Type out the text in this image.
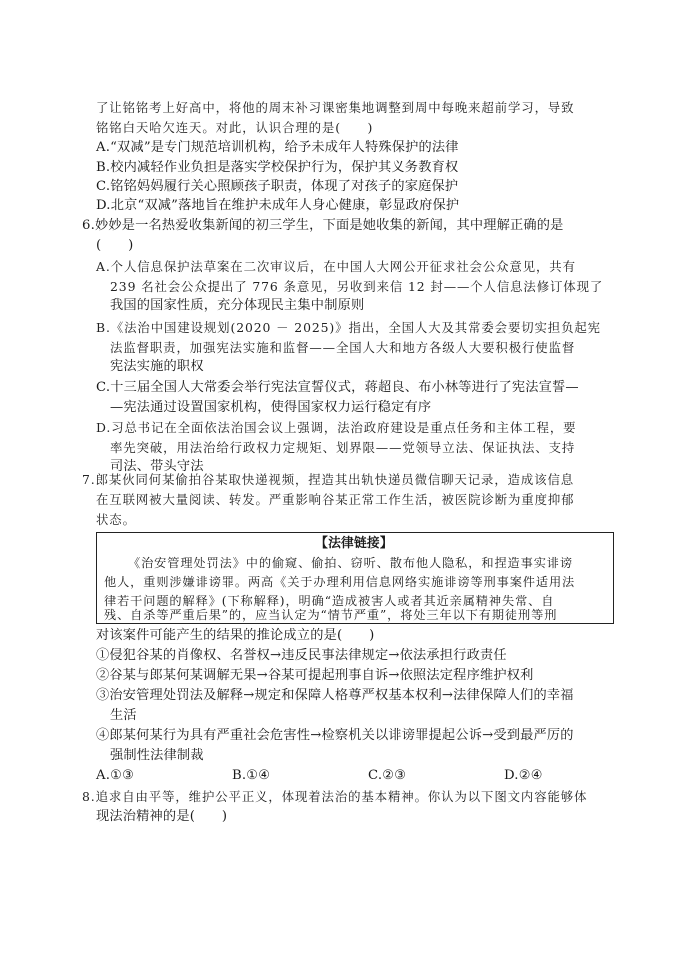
了让铭铭考上好高中，将他的周末补习课密集地调整到周中每晚来超前学习，导致
铭铭白天哈欠连天。对此，认识合理的是(　　)
A.“双减”是专门规范培训机构，给予未成年人特殊保护的法律
B.校内减轻作业负担是落实学校保护行为，保护其义务教育权
C.铭铭妈妈履行关心照顾孩子职责，体现了对孩子的家庭保护
D.北京“双减”落地旨在维护未成年人身心健康，彰显政府保护
6.妙妙是一名热爱收集新闻的初三学生，下面是她收集的新闻，其中理解正确的是
(　　)
A.个人信息保护法草案在二次审议后，在中国人大网公开征求社会公众意见，共有
239 名社会公众提出了 776 条意见，另收到来信 12 封——个人信息法修订体现了
我国的国家性质，充分体现民主集中制原则
B.《法治中国建设规划(2020 － 2025)》指出，全国人大及其常委会要切实担负起宪
法监督职责，加强宪法实施和监督——全国人大和地方各级人大要积极行使监督
宪法实施的职权
C.十三届全国人大常委会举行宪法宣誓仪式，蒋超良、布小林等进行了宪法宣誓—
—宪法通过设置国家机构，使得国家权力运行稳定有序
D.习总书记在全面依法治国会议上强调，法治政府建设是重点任务和主体工程，要
率先突破，用法治给行政权力定规矩、划界限——党领导立法、保证执法、支持
司法、带头守法
7.郎某伙同何某偷拍谷某取快递视频，捏造其出轨快递员微信聊天记录，造成该信息
在互联网被大量阅读、转发。严重影响谷某正常工作生活，被医院诊断为重度抑郁
状态。
【法律链接】
《治安管理处罚法》中的偷窥、偷拍、窃听、散布他人隐私，和捏造事实诽谤
他人，重则涉嫌诽谤罪。两高《关于办理利用信息网络实施诽谤等刑事案件适用法
律若干问题的解释》(下称解释)，明确“造成被害人或者其近亲属精神失常、自
残、自杀等严重后果”的，应当认定为“情节严重”，将处三年以下有期徒刑等刑
对该案件可能产生的结果的推论成立的是(　　)
①侵犯谷某的肖像权、名誉权→违反民事法律规定→依法承担行政责任
②谷某与郎某何某调解无果→谷某可提起刑事自诉→依照法定程序维护权利
③治安管理处罚法及解释→规定和保障人格尊严权基本权利→法律保障人们的幸福
生活
④郎某何某行为具有严重社会危害性→检察机关以诽谤罪提起公诉→受到最严厉的
强制性法律制裁
A.①③	B.①④	C.②③	D.②④
8.追求自由平等，维护公平正义，体现着法治的基本精神。你认为以下图文内容能够体
现法治精神的是(　　)
